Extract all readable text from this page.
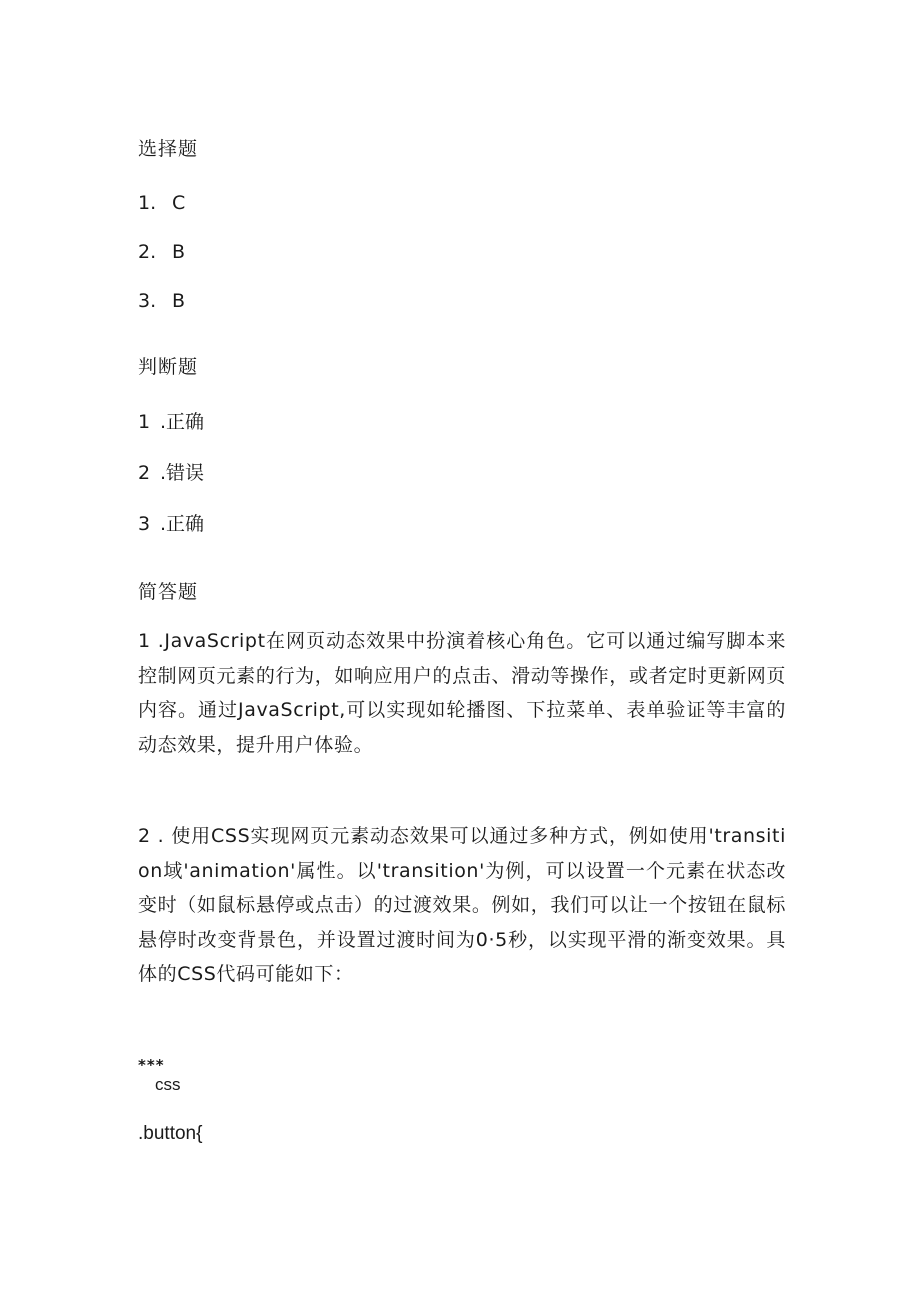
选择题
1. C
2. B
3. B
判断题
1 .正确
2 .错误
3 .正确
简答题
1 .JavaScript在网页动态效果中扮演着核心角色。它可以通过编写脚本来控制网页元素的行为，如响应用户的点击、滑动等操作，或者定时更新网页内容。通过JavaScript,可以实现如轮播图、下拉菜单、表单验证等丰富的动态效果，提升用户体验。
2 . 使用CSS实现网页元素动态效果可以通过多种方式，例如使用'transition域'animation'属性。以'transition'为例，可以设置一个元素在状态改变时（如鼠标悬停或点击）的过渡效果。例如，我们可以让一个按钮在鼠标悬停时改变背景色，并设置过渡时间为0·5秒，以实现平滑的渐变效果。具体的CSS代码可能如下：
***
css
.button{
